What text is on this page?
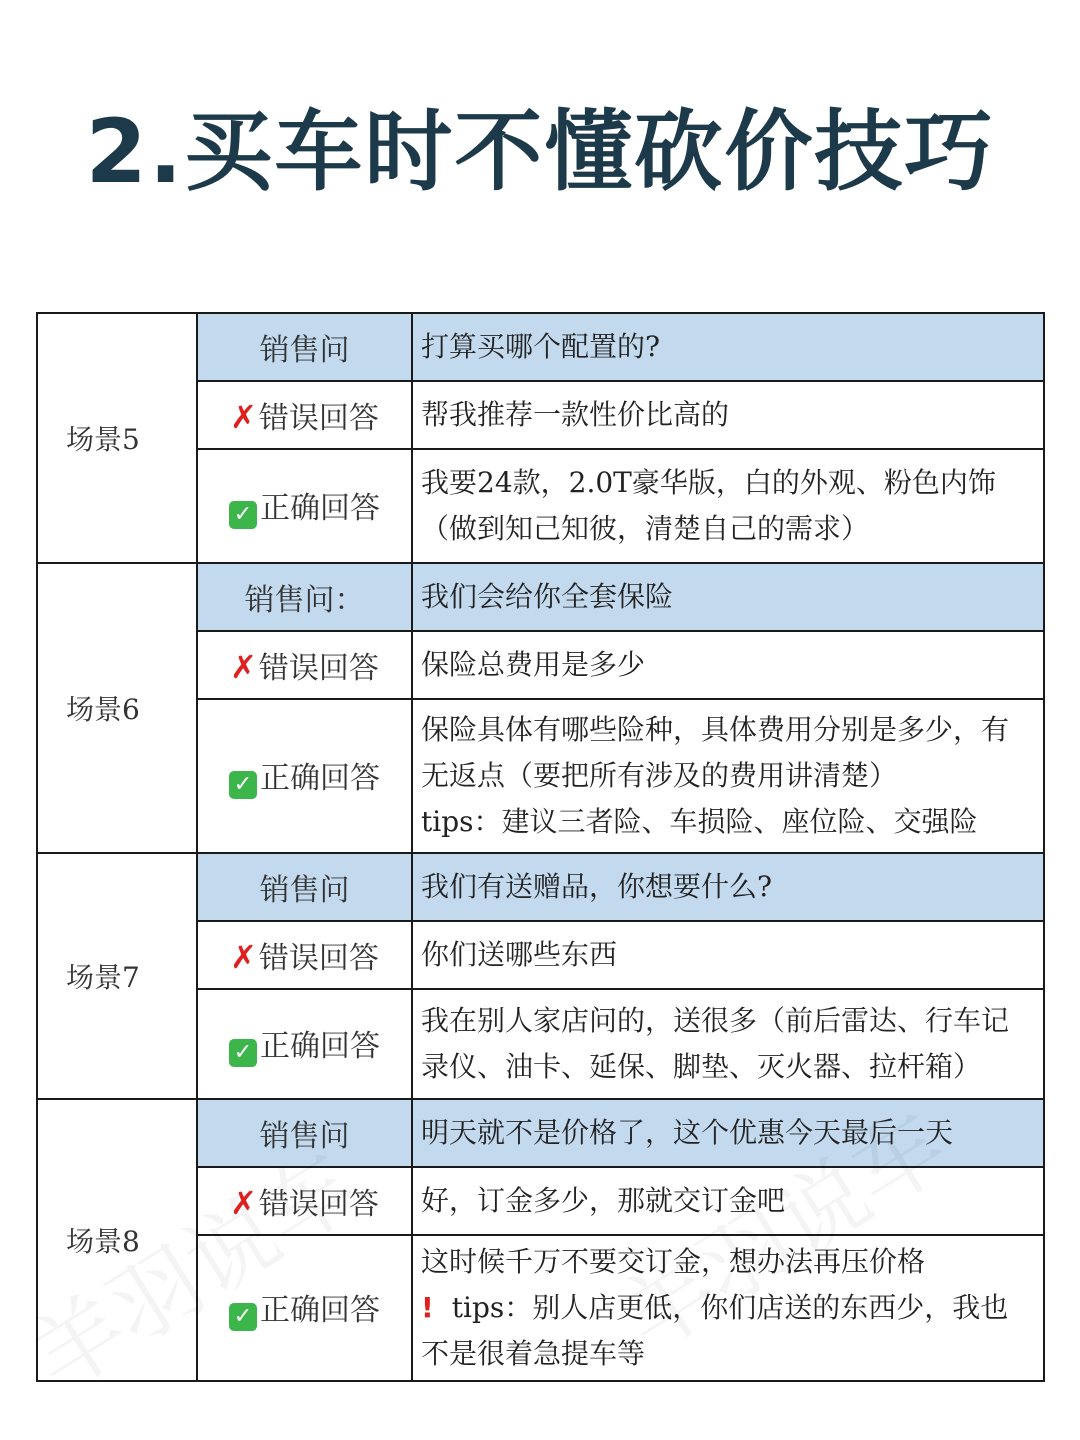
2.买车时不懂砍价技巧
场景5	销售问	打算买哪个配置的?
	✗错误回答	帮我推荐一款性价比高的
	✓ 正确回答	我要24款，2.0T豪华版，白的外观、粉色内饰
（做到知己知彼，清楚自己的需求）

场景6	销售问：	我们会给你全套保险
	✗错误回答	保险总费用是多少
	✓ 正确回答	保险具体有哪些险种，具体费用分别是多少，有
无返点（要把所有涉及的费用讲清楚）
tips：建议三者险、车损险、座位险、交强险

场景7	销售问	我们有送赠品，你想要什么?
	✗错误回答	你们送哪些东西
	✓ 正确回答	我在别人家店问的，送很多（前后雷达、行车记
录仪、油卡、延保、脚垫、灭火器、拉杆箱）

场景8	销售问	明天就不是价格了，这个优惠今天最后一天
	✗错误回答	好，订金多少，那就交订金吧
	✓ 正确回答	这时候千万不要交订金，想办法再压价格
! tips：别人店更低，你们店送的东西少，我也
不是很着急提车等
